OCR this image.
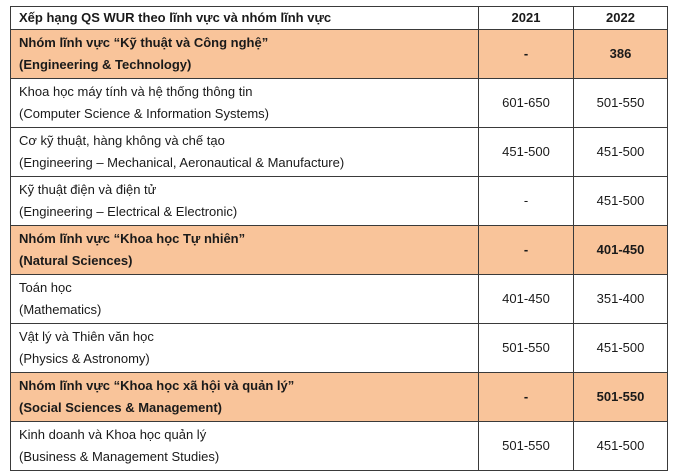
Xếp hạng QS WUR theo lĩnh vực và nhóm lĩnh vực	2021	2022

Nhóm lĩnh vực “Kỹ thuật và Công nghệ”
(Engineering & Technology)	-	386

Khoa học máy tính và hệ thống thông tin
(Computer Science & Information Systems)	601-650	501-550

Cơ kỹ thuật, hàng không và chế tạo
(Engineering – Mechanical, Aeronautical & Manufacture)	451-500	451-500

Kỹ thuật điện và điện tử
(Engineering – Electrical & Electronic)	-	451-500

Nhóm lĩnh vực “Khoa học Tự nhiên”
(Natural Sciences)	-	401-450

Toán học
(Mathematics)	401-450	351-400

Vật lý và Thiên văn học
(Physics & Astronomy)	501-550	451-500

Nhóm lĩnh vực “Khoa học xã hội và quản lý”
(Social Sciences & Management)	-	501-550

Kinh doanh và Khoa học quản lý
(Business & Management Studies)	501-550	451-500
